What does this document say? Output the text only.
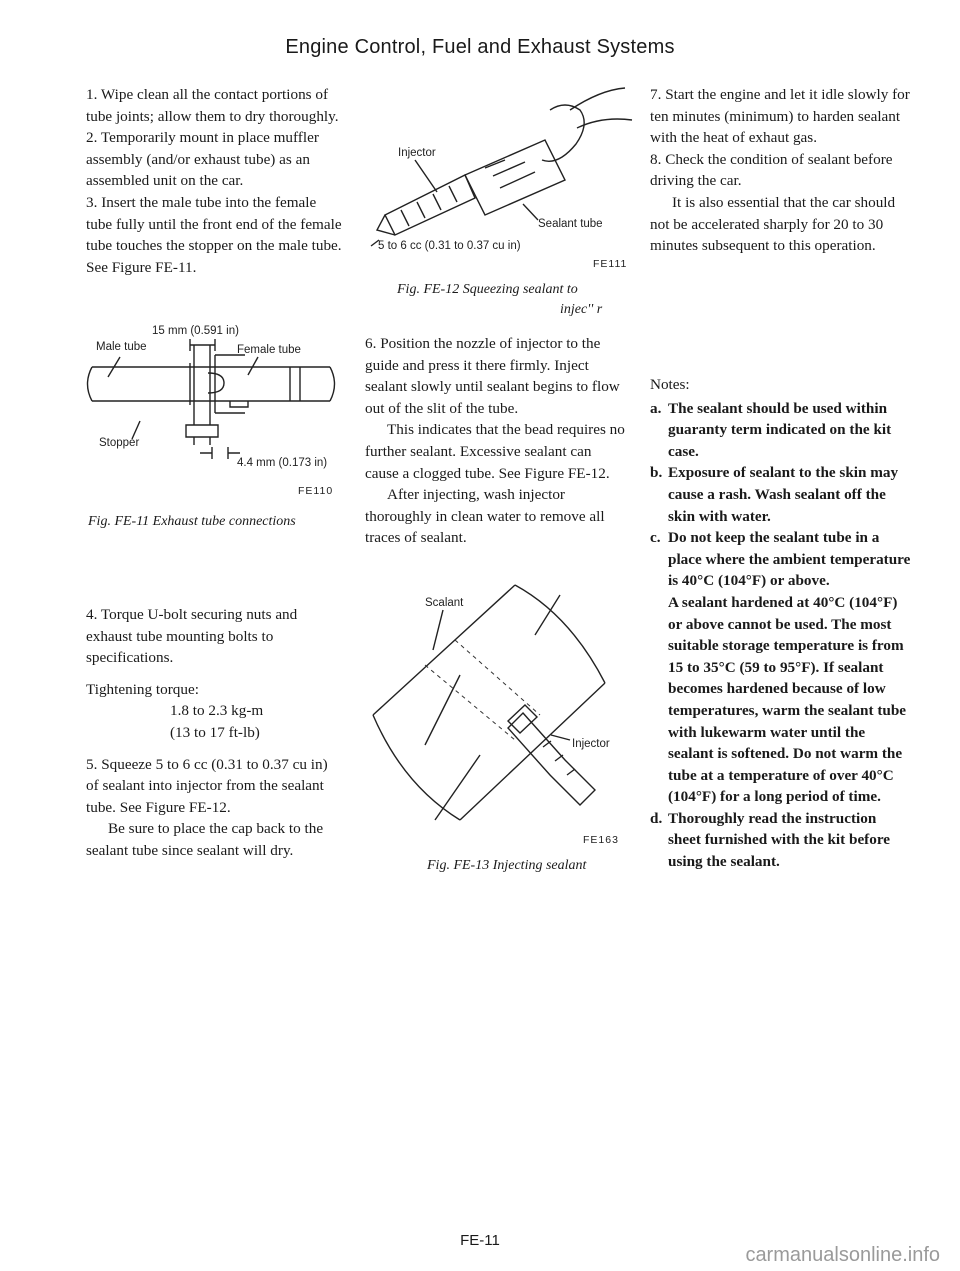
Engine Control, Fuel and Exhaust Systems

1. Wipe clean all the contact portions of tube joints; allow them to dry thoroughly.

2. Temporarily mount in place muffler assembly (and/or exhaust tube) as an assembled unit on the car.

3. Insert the male tube into the female tube fully until the front end of the female tube touches the stopper on the male tube. See Figure FE-11.

15 mm (0.591 in)
Male tube	Female tube
Stopper
4.4 mm (0.173 in)
FE110
Fig. FE-11 Exhaust tube connections

4. Torque U-bolt securing nuts and exhaust tube mounting bolts to specifications.

Tightening torque:
1.8 to 2.3 kg-m
(13 to 17 ft-lb)

5. Squeeze 5 to 6 cc (0.31 to 0.37 cu in) of sealant into injector from the sealant tube. See Figure FE-12.

Be sure to place the cap back to the sealant tube since sealant will dry.

Injector
Sealant tube
5 to 6 cc (0.31 to 0.37 cu in)
FE111
Fig. FE-12 Squeezing sealant to
injec'' r

6. Position the nozzle of injector to the guide and press it there firmly. Inject sealant slowly until sealant begins to flow out of the slit of the tube.

This indicates that the bead requires no further sealant. Excessive sealant can cause a clogged tube. See Figure FE-12.

After injecting, wash injector thoroughly in clean water to remove all traces of sealant.

Scalant
Injector
FE163
Fig. FE-13 Injecting sealant

7. Start the engine and let it idle slowly for ten minutes (minimum) to harden sealant with the heat of exhaut gas.

8. Check the condition of sealant before driving the car.

It is also essential that the car should not be accelerated sharply for 20 to 30 minutes subsequent to this operation.

Notes:

a. The sealant should be used within guaranty term indicated on the kit case.
b. Exposure of sealant to the skin may cause a rash. Wash sealant off the skin with water.
c. Do not keep the sealant tube in a place where the ambient temperature is 40°C (104°F) or above.
A sealant hardened at 40°C (104°F) or above cannot be used. The most suitable storage temperature is from 15 to 35°C (59 to 95°F). If sealant becomes hardened because of low temperatures, warm the sealant tube with lukewarm water until the sealant is softened. Do not warm the tube at a temperature of over 40°C (104°F) for a long period of time.
d. Thoroughly read the instruction sheet furnished with the kit before using the sealant.
FE-11
carmanualsonline.info
